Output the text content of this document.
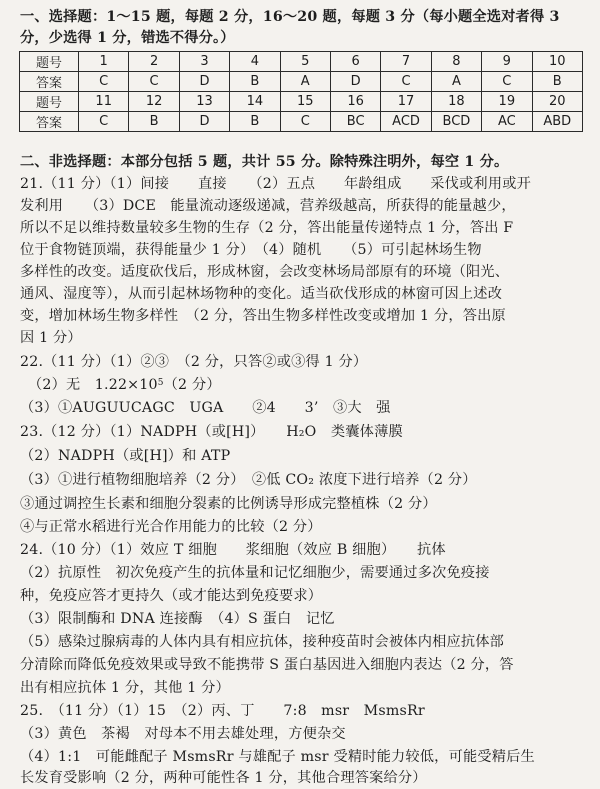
一、选择题：1～15 题，每题 2 分，16～20 题，每题 3 分（每小题全选对者得 3
分，少选得 1 分，错选不得分。）
题号	1	2	3	4	5	6	7	8	9	10
答案	C	C	D	B	A	D	C	A	C	B
题号	11	12	13	14	15	16	17	18	19	20
答案	C	B	D	B	C	BC	ACD	BCD	AC	ABD
二、非选择题：本部分包括 5 题，共计 55 分。除特殊注明外，每空 1 分。
21.（11 分）（1）间接　　直接　　（2）五点　　年龄组成　　采伐或利用或开
发利用　　（3）DCE　能量流动逐级递减，营养级越高，所获得的能量越少，
所以不足以维持数量较多生物的生存（2 分，答出能量传递特点 1 分，答出 F
位于食物链顶端，获得能量少 1 分）　（4）随机　　（5）可引起林场生物
多样性的改变。适度砍伐后，形成林窗，会改变林场局部原有的环境（阳光、
通风、湿度等），从而引起林场物种的变化。适当砍伐形成的林窗可因上述改
变，增加林场生物多样性　（2 分，答出生物多样性改变或增加 1 分，答出原
因 1 分）
22.（11 分）（1）②③　（2 分，只答②或③得 1 分）
（2）无　$1.22\times 10^5(2$ 分）
（3）①AUGUUCAGC　UGA　　②4　　3’　③大　强
23.（12 分）（1）NADPH（或[H]）　　H₂O　类囊体薄膜
（2）NADPH（或[H]）和 ATP
（3）①进行植物细胞培养（2 分）　②低 CO₂ 浓度下进行培养（2 分）
③通过调控生长素和细胞分裂素的比例诱导形成完整植株（2 分）
④与正常水稻进行光合作用能力的比较（2 分）
24.（10 分）（1）效应 T 细胞　　浆细胞（效应 B 细胞）　　抗体
（2）抗原性　初次免疫产生的抗体量和记忆细胞少，需要通过多次免疫接
种，免疫应答才更持久（或才能达到免疫要求）
（3）限制酶和 DNA 连接酶　（4）S 蛋白　记忆
（5）感染过腺病毒的人体内具有相应抗体，接种疫苗时会被体内相应抗体部
分清除而降低免疫效果或导致不能携带 S 蛋白基因进入细胞内表达（2 分，答
出有相应抗体 1 分，其他 1 分）
25.　（11 分）（1）15　（2）丙、丁　　7:8　msr　MsmsRr
（3）黄色　茶褐　对母本不用去雄处理，方便杂交
（4）1:1　可能雌配子 MsmsRr 与雄配子 msr 受精时能力较低，可能受精后生
长发育受影响（2 分，两种可能性各 1 分，其他合理答案给分）
